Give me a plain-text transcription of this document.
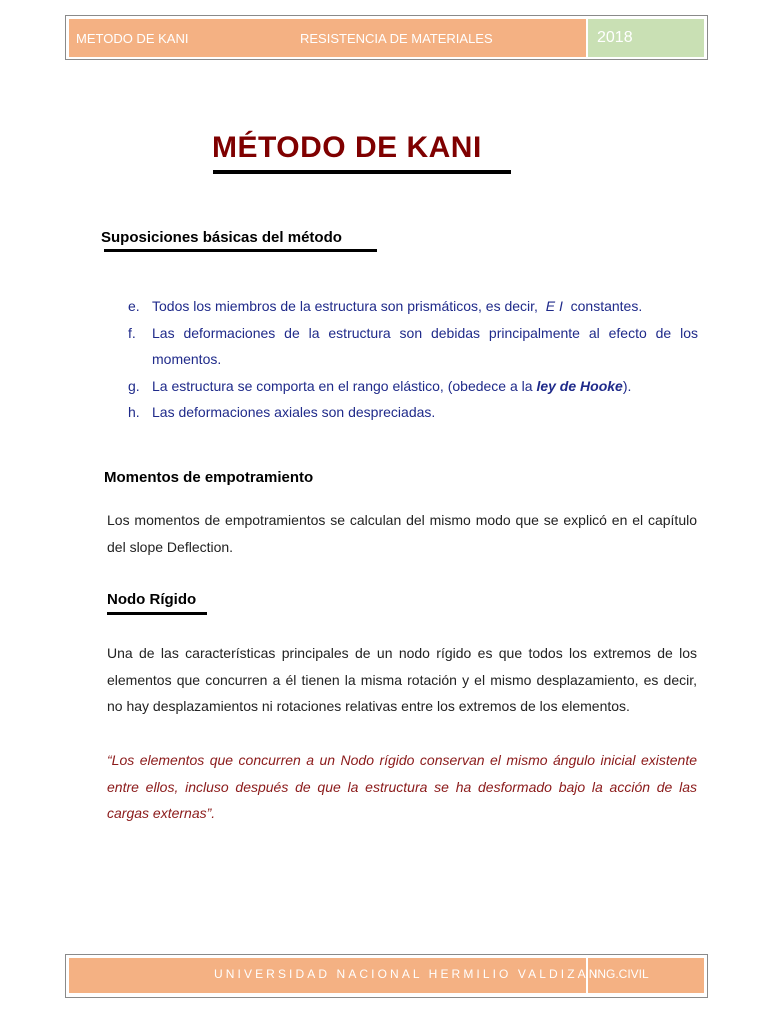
METODO DE KANI	RESISTENCIA DE MATERIALES	2018
MÉTODO DE KANI
Suposiciones básicas del método
e. Todos los miembros de la estructura son prismáticos, es decir, E I constantes.
f. Las deformaciones de la estructura son debidas principalmente al efecto de los momentos.
g. La estructura se comporta en el rango elástico, (obedece a la ley de Hooke).
h. Las deformaciones axiales son despreciadas.
Momentos de empotramiento
Los momentos de empotramientos se calculan del mismo modo que se explicó en el capítulo del slope Deflection.
Nodo Rígido
Una de las características principales de un nodo rígido es que todos los extremos de los elementos que concurren a él tienen la misma rotación y el mismo desplazamiento, es decir, no hay desplazamientos ni rotaciones relativas entre los extremos de los elementos.
“Los elementos que concurren a un Nodo rígido conservan el mismo ángulo inicial existente entre ellos, incluso después de que la estructura se ha desformado bajo la acción de las cargas externas”.
UNIVERSIDAD NACIONAL HERMILIO VALDIZAN
ING.CIVIL
